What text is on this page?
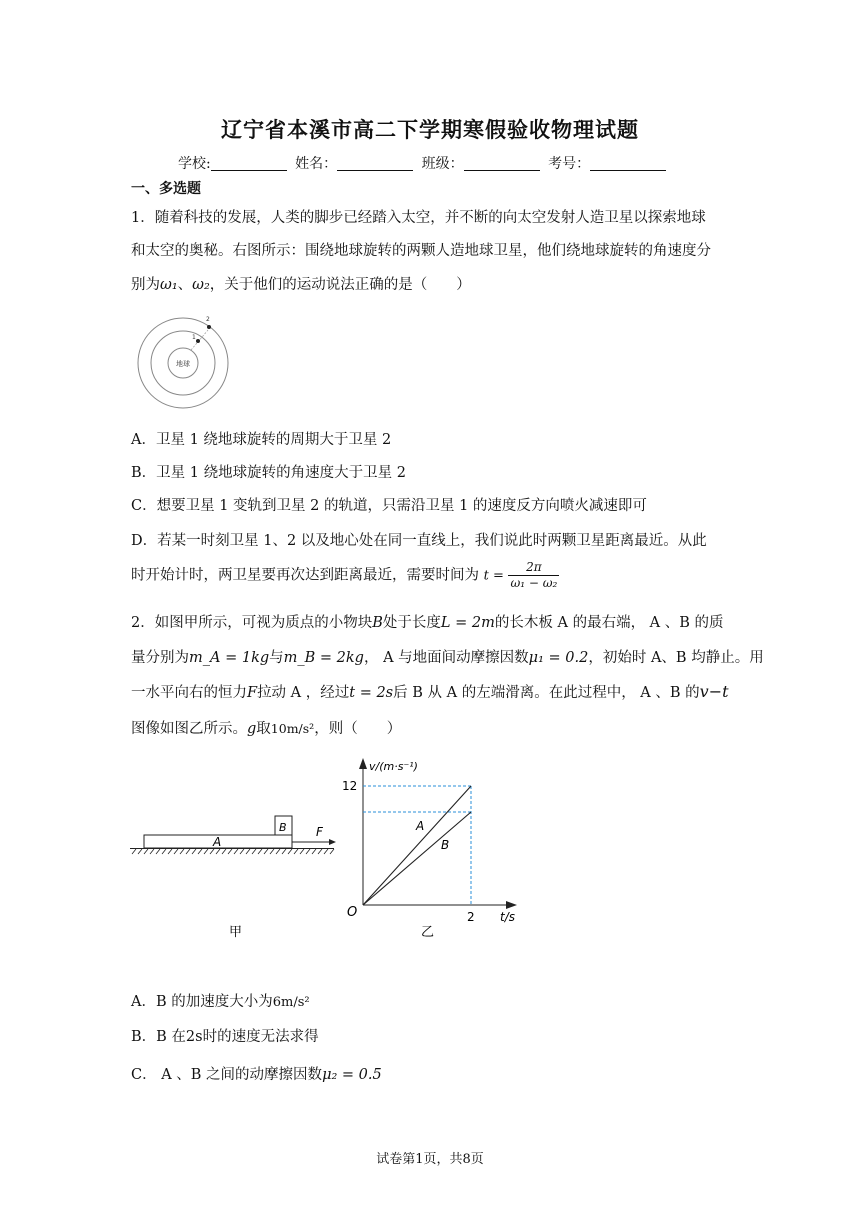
辽宁省本溪市高二下学期寒假验收物理试题
学校:	姓名：	班级：	考号：
一、多选题
1．随着科技的发展，人类的脚步已经踏入太空，并不断的向太空发射人造卫星以探索地球
和太空的奥秘。右图所示：围绕地球旋转的两颗人造地球卫星，他们绕地球旋转的角速度分
别为ω₁、ω₂，关于他们的运动说法正确的是（　　）
地球
1
2
A．卫星 1 绕地球旋转的周期大于卫星 2
B．卫星 1 绕地球旋转的角速度大于卫星 2
C．想要卫星 1 变轨到卫星 2 的轨道，只需沿卫星 1 的速度反方向喷火减速即可
D．若某一时刻卫星 1、2 以及地心处在同一直线上，我们说此时两颗卫星距离最近。从此
时开始计时，两卫星要再次达到距离最近，需要时间为 $t = \frac{2\pi}{\text{ω₁ − ω₂}}$
2．如图甲所示，可视为质点的小物块B处于长度L = 2m的长木板 A 的最右端， A 、B 的质
量分别为m_A = 1kg与m_B = 2kg， A 与地面间动摩擦因数μ₁ = 0.2，初始时 A、B 均静止。用
一水平向右的恒力F拉动 A ，经过t = 2s后 B 从 A 的左端滑离。在此过程中， A 、B 的v−t
图像如图乙所示。g取10m/s²，则（　　）
A
B F
甲
v/(m·s⁻¹)
t/s
O
12
2
A
B
乙
A．B 的加速度大小为6m/s²
B．B 在2s时的速度无法求得
C． A 、B 之间的动摩擦因数μ₂ = 0.5
试卷第1页，共8页
